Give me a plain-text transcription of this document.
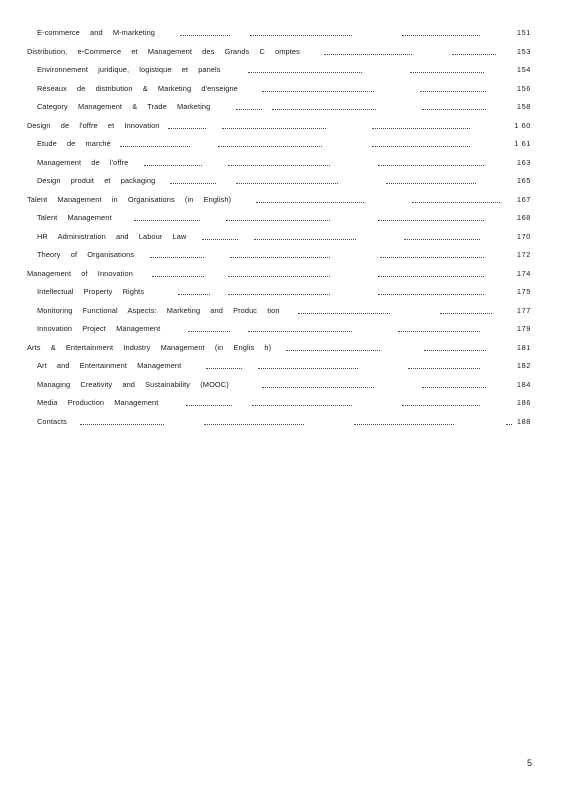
E-commerce and M-marketing	151
Distribution, e-Commerce et Management des Grands C omptes	153
Environnement juridique, logistique et panels	154
Réseaux de distribution & Marketing d'enseigne	156
Category Management & Trade Marketing	158
Design de l'offre et Innovation	1 60
Etude de marché	1 61
Management de l'offre	163
Design produit et packaging	165
Talent Management in Organisations (in English)	167
Talent Management	168
HR Administration and Labour Law	170
Theory of Organisations	172
Management of Innovation	174
Intellectual Property Rights	175
Monitoring Functional Aspects: Marketing and Produc tion	177
Innovation Project Management	179
Arts & Entertainment Industry Management (in Englis h)	181
Art and Entertainment Management	182
Managing Creativity and Sustainability (MOOC)	184
Media Production Management	186
Contacts	188
5
